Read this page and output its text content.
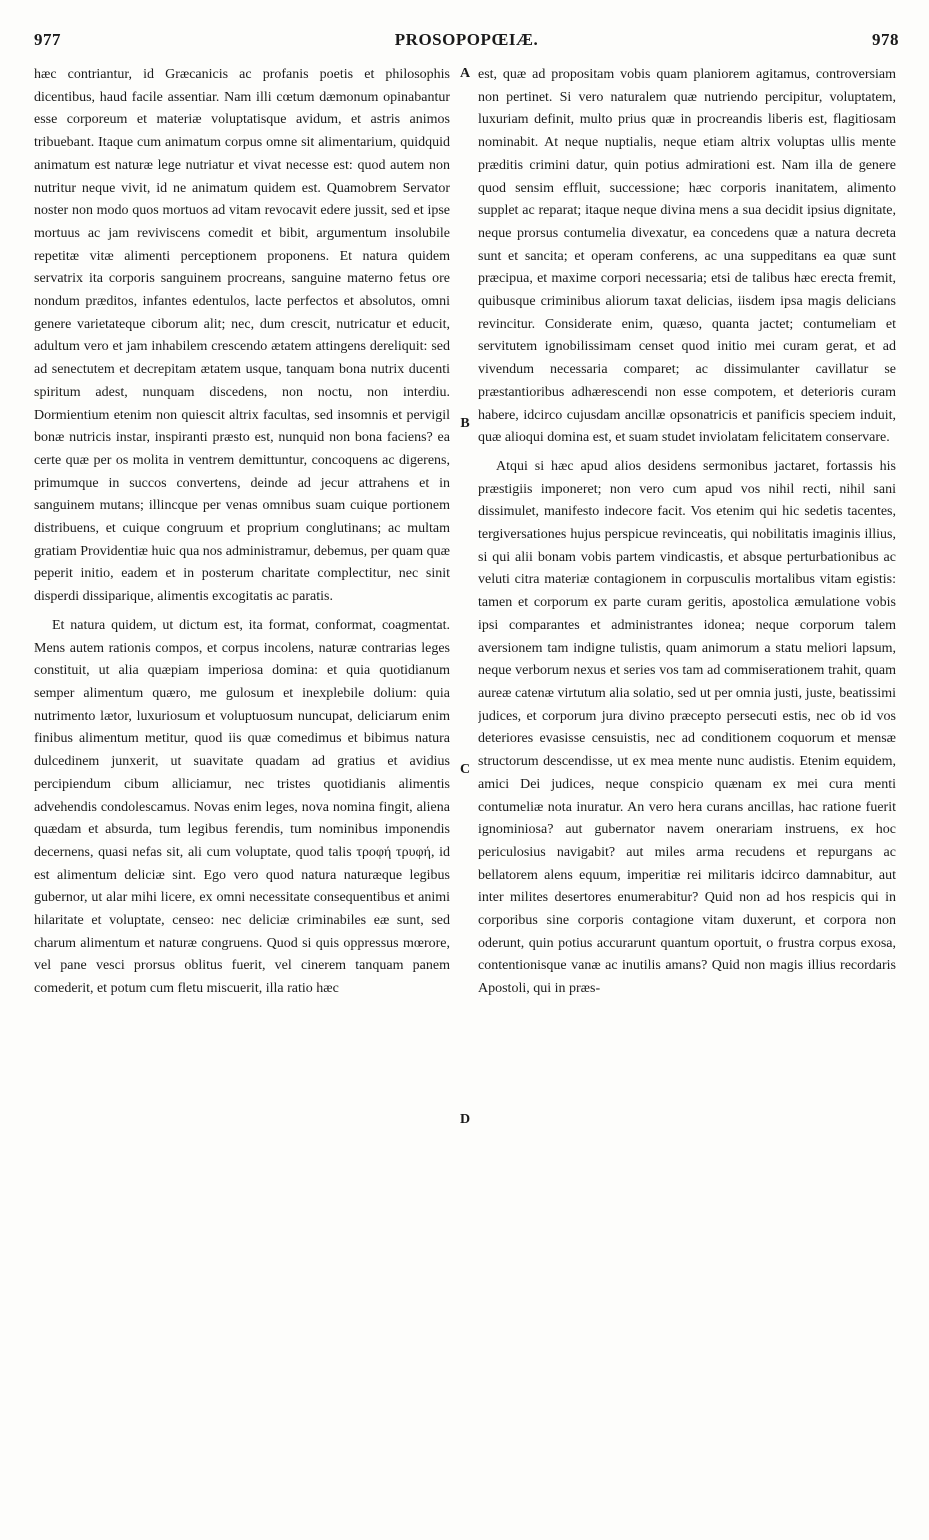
977	PROSOPOPŒIÆ.	978

hæc contriantur, id Græcanicis ac profanis poetis et philosophis dicentibus, haud facile assentiar. Nam illi cœtum dæmonum opinabantur esse corporeum et materiæ voluptatisque avidum, et astris animos tribuebant. Itaque cum animatum corpus omne sit alimentarium, quidquid animatum est naturæ lege nutriatur et vivat necesse est: quod autem non nutritur neque vivit, id ne animatum quidem est. Quamobrem Servator noster non modo quos mortuos ad vitam revocavit edere jussit, sed et ipse mortuus ac jam reviviscens comedit et bibit, argumentum insolubile repetitæ vitæ alimenti perceptionem proponens. Et natura quidem servatrix ita corporis sanguinem procreans, sanguine materno fetus ore nondum præditos, infantes edentulos, lacte perfectos et absolutos, omni genere varietateque ciborum alit; nec, dum crescit, nutricatur et educit, adultum vero et jam inhabilem crescendo ætatem attingens dereliquit: sed ad senectutem et decrepitam ætatem usque, tanquam bona nutrix ducenti spiritum adest, nunquam discedens, non noctu, non interdiu. Dormientium etenim non quiescit altrix facultas, sed insomnis et pervigil bonæ nutricis instar, inspiranti præsto est, nunquid non bona faciens? ea certe quæ per os molita in ventrem demittuntur, concoquens ac digerens, primumque in succos convertens, deinde ad jecur attrahens et in sanguinem mutans; illincque per venas omnibus suam cuique portionem distribuens, et cuique congruum et proprium conglutinans; ac multam gratiam Providentiæ huic qua nos administramur, debemus, per quam quæ peperit initio, eadem et in posterum charitate complectitur, nec sinit disperdi dissiparique, alimentis excogitatis ac paratis.

Et natura quidem, ut dictum est, ita format, conformat, coagmentat. Mens autem rationis compos, et corpus incolens, naturæ contrarias leges constituit, ut alia quæpiam imperiosa domina: et quia quotidianum semper alimentum quæro, me gulosum et inexplebile dolium: quia nutrimento lætor, luxuriosum et voluptuosum nuncupat, deliciarum enim finibus alimentum metitur, quod iis quæ comedimus et bibimus natura dulcedinem junxerit, ut suavitate quadam ad gratius et avidius percipiendum cibum alliciamur, nec tristes quotidianis alimentis advehendis condolescamus. Novas enim leges, nova nomina fingit, aliena quædam et absurda, tum legibus ferendis, tum nominibus imponendis decernens, quasi nefas sit, ali cum voluptate, quod talis τροφή τρυφή, id est alimentum deliciæ sint. Ego vero quod natura naturæque legibus gubernor, ut alar mihi licere, ex omni necessitate consequentibus et animi hilaritate et voluptate, censeo: nec deliciæ criminabiles eæ sunt, sed charum alimentum et naturæ congruens. Quod si quis oppressus mœrore, vel pane vesci prorsus oblitus fuerit, vel cinerem tanquam panem comederit, et potum cum fletu miscuerit, illa ratio hæc

A
B
C
D

est, quæ ad propositam vobis quam planiorem agitamus, controversiam non pertinet. Si vero naturalem quæ nutriendo percipitur, voluptatem, luxuriam definit, multo prius quæ in procreandis liberis est, flagitiosam nominabit. At neque nuptialis, neque etiam altrix voluptas ullis mente præditis crimini datur, quin potius admirationi est. Nam illa de genere quod sensim effluit, successione; hæc corporis inanitatem, alimento supplet ac reparat; itaque neque divina mens a sua decidit ipsius dignitate, neque prorsus contumelia divexatur, ea concedens quæ a natura decreta sunt et sancita; et operam conferens, ac una suppeditans ea quæ sunt præcipua, et maxime corpori necessaria; etsi de talibus hæc erecta fremit, quibusque criminibus aliorum taxat delicias, iisdem ipsa magis delicians revincitur. Considerate enim, quæso, quanta jactet; contumeliam et servitutem ignobilissimam censet quod initio mei curam gerat, et ad vivendum necessaria comparet; ac dissimulanter cavillatur se præstantioribus adhærescendi non esse compotem, et deterioris curam habere, idcirco cujusdam ancillæ opsonatricis et panificis speciem induit, quæ alioqui domina est, et suam studet inviolatam felicitatem conservare.

Atqui si hæc apud alios desidens sermonibus jactaret, fortassis his præstigiis imponeret; non vero cum apud vos nihil recti, nihil sani dissimulet, manifesto indecore facit. Vos etenim qui hic sedetis tacentes, tergiversationes hujus perspicue revinceatis, qui nobilitatis imaginis illius, si qui alii bonam vobis partem vindicastis, et absque perturbationibus ac veluti citra materiæ contagionem in corpusculis mortalibus vitam egistis: tamen et corporum ex parte curam geritis, apostolica æmulatione vobis ipsi comparantes et administrantes idonea; neque corporum talem aversionem tam indigne tulistis, quam animorum a statu meliori lapsum, neque verborum nexus et series vos tam ad commiserationem trahit, quam aureæ catenæ virtutum alia solatio, sed ut per omnia justi, juste, beatissimi judices, et corporum jura divino præcepto persecuti estis, nec ob id vos deteriores evasisse censuistis, nec ad conditionem coquorum et mensæ structorum descendisse, ut ex mea mente nunc audistis. Etenim equidem, amici Dei judices, neque conspicio quænam ex mei cura menti contumeliæ nota inuratur. An vero hera curans ancillas, hac ratione fuerit ignominiosa? aut gubernator navem onerariam instruens, ex hoc periculosius navigabit? aut miles arma recudens et repurgans ac bellatorem alens equum, imperitiæ rei militaris idcirco damnabitur, aut inter milites desertores enumerabitur? Quid non ad hos respicis qui in corporibus sine corporis contagione vitam duxerunt, et corpora non oderunt, quin potius accurarunt quantum oportuit, o frustra corpus exosa, contentionisque vanæ ac inutilis amans? Quid non magis illius recordaris Apostoli, qui in præs-
